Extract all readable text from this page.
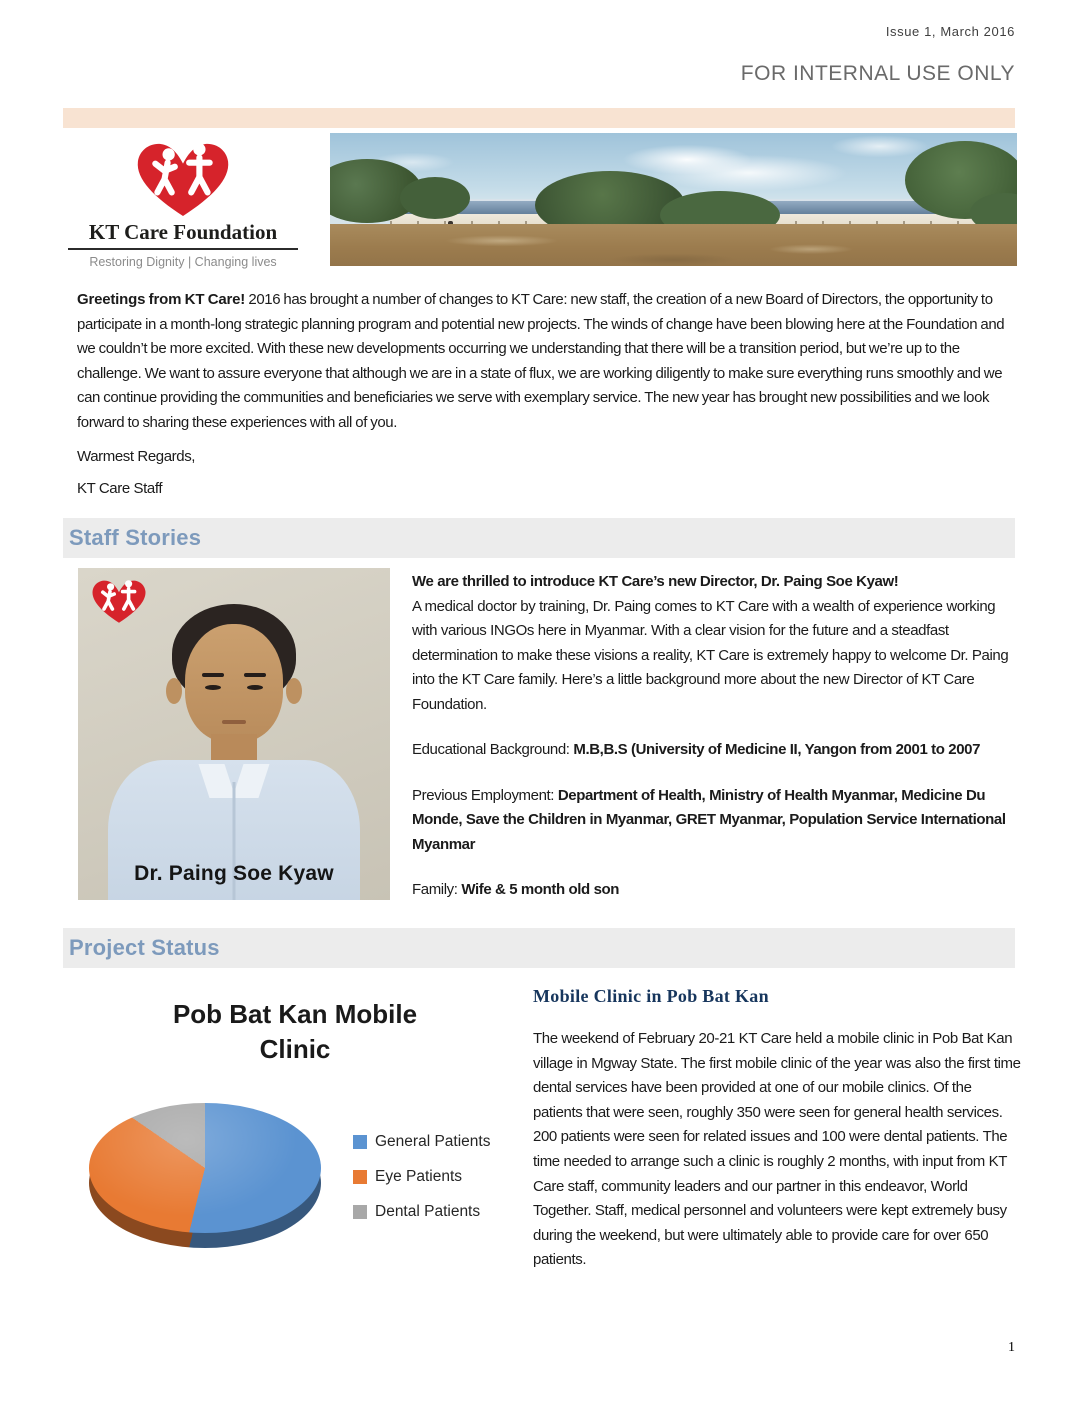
Issue 1, March 2016
FOR INTERNAL USE ONLY
KT Care Foundation
Restoring Dignity | Changing lives
Greetings from KT Care! 2016 has brought a number of changes to KT Care: new staff, the creation of a new Board of Directors, the opportunity to participate in a month-long strategic planning program and potential new projects. The winds of change have been blowing here at the Foundation and we couldn’t be more excited. With these new developments occurring we understanding that there will be a transition period, but we’re up to the challenge. We want to assure everyone that although we are in a state of flux, we are working diligently to make sure everything runs smoothly and we can continue providing the communities and beneficiaries we serve with exemplary service. The new year has brought new possibilities and we look forward to sharing these experiences with all of you.
Warmest Regards,
KT Care Staff
Staff Stories
Dr. Paing Soe Kyaw

We are thrilled to introduce KT Care’s new Director, Dr. Paing Soe Kyaw!

A medical doctor by training, Dr. Paing comes to KT Care with a wealth of experience working with various INGOs here in Myanmar. With a clear vision for the future and a steadfast determination to make these visions a reality, KT Care is extremely happy to welcome Dr. Paing into the KT Care family. Here’s a little background more about the new Director of KT Care Foundation.

Educational Background: M.B,B.S (University of Medicine II, Yangon from 2001 to 2007

Previous Employment: Department of Health, Ministry of Health Myanmar, Medicine Du Monde, Save the Children in Myanmar, GRET Myanmar, Population Service International Myanmar

Family: Wife & 5 month old son

Project Status
Pob Bat Kan Mobile Clinic
General Patients
Eye Patients
Dental Patients
Mobile Clinic in Pob Bat Kan

The weekend of February 20-21 KT Care held a mobile clinic in Pob Bat Kan village in Mgway State. The first mobile clinic of the year was also the first time dental services have been provided at one of our mobile clinics. Of the patients that were seen, roughly 350 were seen for general health services. 200 patients were seen for related issues and 100 were dental patients. The time needed to arrange such a clinic is roughly 2 months, with input from KT Care staff, community leaders and our partner in this endeavor, World Together. Staff, medical personnel and volunteers were kept extremely busy during the weekend, but were ultimately able to provide care for over 650 patients.

1
